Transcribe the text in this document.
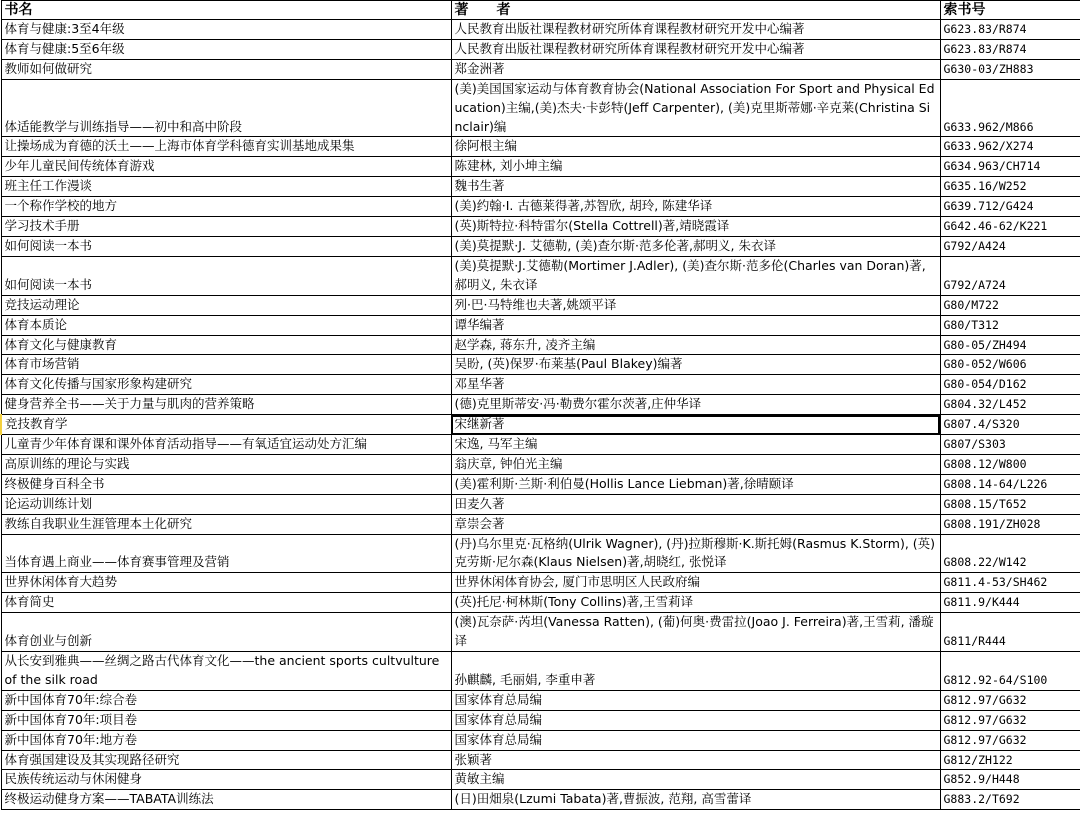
书名	著　　者	索书号
体育与健康:3至4年级	人民教育出版社课程教材研究所体育课程教材研究开发中心编著	G623.83/R874
体育与健康:5至6年级	人民教育出版社课程教材研究所体育课程教材研究开发中心编著	G623.83/R874
教师如何做研究	郑金洲著	G630-03/ZH883
体适能教学与训练指导——初中和高中阶段	(美)美国国家运动与体育教育协会(National Association For Sport and Physical Education)主编,(美)杰夫·卡彭特(Jeff Carpenter), (美)克里斯蒂娜·辛克莱(Christina Sinclair)编	G633.962/M866
让操场成为育德的沃土——上海市体育学科德育实训基地成果集	徐阿根主编	G633.962/X274
少年儿童民间传统体育游戏	陈建林, 刘小坤主编	G634.963/CH714
班主任工作漫谈	魏书生著	G635.16/W252
一个称作学校的地方	(美)约翰·I. 古德莱得著,苏智欣, 胡玲, 陈建华译	G639.712/G424
学习技术手册	(英)斯特拉·科特雷尔(Stella Cottrell)著,靖晓霞译	G642.46-62/K221
如何阅读一本书	(美)莫提默·J. 艾德勒, (美)查尔斯·范多伦著,郝明义, 朱衣译	G792/A424
如何阅读一本书	(美)莫提默·J.艾德勒(Mortimer J.Adler), (美)查尔斯·范多伦(Charles van Doran)著,郝明义, 朱衣译	G792/A724
竞技运动理论	列·巴·马特维也夫著,姚颂平译	G80/M722
体育本质论	谭华编著	G80/T312
体育文化与健康教育	赵学森, 蒋东升, 凌齐主编	G80-05/ZH494
体育市场营销	吴盼, (英)保罗·布莱基(Paul Blakey)编著	G80-052/W606
体育文化传播与国家形象构建研究	邓星华著	G80-054/D162
健身营养全书——关于力量与肌肉的营养策略	(德)克里斯蒂安·冯·勒费尔霍尔茨著,庄仲华译	G804.32/L452
竞技教育学	宋继新著	G807.4/S320
儿童青少年体育课和课外体育活动指导——有氧适宜运动处方汇编	宋逸, 马军主编	G807/S303
高原训练的理论与实践	翁庆章, 钟伯光主编	G808.12/W800
终极健身百科全书	(美)霍利斯·兰斯·利伯曼(Hollis Lance Liebman)著,徐晴颐译	G808.14-64/L226
论运动训练计划	田麦久著	G808.15/T652
教练自我职业生涯管理本土化研究	章崇会著	G808.191/ZH028
当体育遇上商业——体育赛事管理及营销	(丹)乌尔里克·瓦格纳(Ulrik Wagner), (丹)拉斯穆斯·K.斯托姆(Rasmus K.Storm), (英)克劳斯·尼尔森(Klaus Nielsen)著,胡晓红, 张悦译	G808.22/W142
世界休闲体育大趋势	世界休闲体育协会, 厦门市思明区人民政府编	G811.4-53/SH462
体育简史	(英)托尼·柯林斯(Tony Collins)著,王雪莉译	G811.9/K444
体育创业与创新	(澳)瓦奈萨·芮坦(Vanessa Ratten), (葡)何奥·费雷拉(Joao J. Ferreira)著,王雪莉, 潘璇译	G811/R444
从长安到雅典——丝绸之路古代体育文化——the ancient sports cultvulture of the silk road	孙麒麟, 毛丽娟, 李重申著	G812.92-64/S100
新中国体育70年:综合卷	国家体育总局编	G812.97/G632
新中国体育70年:项目卷	国家体育总局编	G812.97/G632
新中国体育70年:地方卷	国家体育总局编	G812.97/G632
体育强国建设及其实现路径研究	张颖著	G812/ZH122
民族传统运动与休闲健身	黄敏主编	G852.9/H448
终极运动健身方案——TABATA训练法	(日)田畑泉(Lzumi Tabata)著,曹振波, 范翔, 高雪蕾译	G883.2/T692
